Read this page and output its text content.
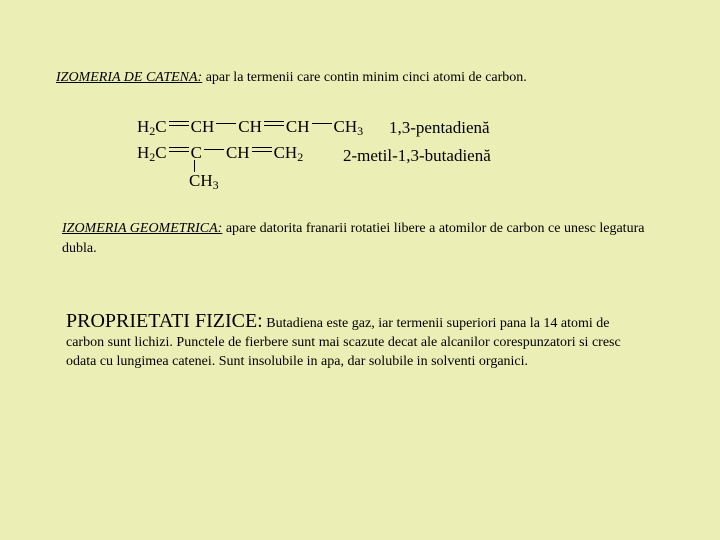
IZOMERIA DE CATENA: apar la termenii care contin minim cinci atomi de carbon.
$H_2C$ CH CH CH $CH_3$ 1,3-pentadienă
$H_2C$ C CH $CH_2$
$CH_3$
2-metil-1,3-butadienă
IZOMERIA GEOMETRICA: apare datorita franarii rotatiei libere a atomilor de carbon ce unesc legatura dubla.
PROPRIETATI FIZICE: Butadiena este gaz, iar termenii superiori pana la 14 atomi de carbon sunt lichizi. Punctele de fierbere sunt mai scazute decat ale alcanilor corespunzatori si cresc odata cu lungimea catenei. Sunt insolubile in apa, dar solubile in solventi organici.
